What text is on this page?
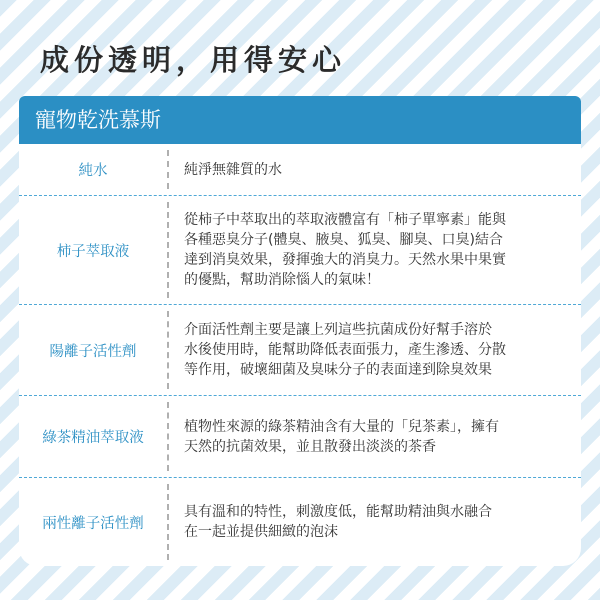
成份透明，用得安心
寵物乾洗慕斯
純水	純淨無雜質的水
柿子萃取液
從柿子中萃取出的萃取液體富有「柿子單寧素」能與
各種惡臭分子(體臭、腋臭、狐臭、腳臭、口臭)結合
達到消臭效果，發揮強大的消臭力。天然水果中果實
的優點，幫助消除惱人的氣味！
陽離子活性劑
介面活性劑主要是讓上列這些抗菌成份好幫手溶於
水後使用時，能幫助降低表面張力，產生滲透、分散
等作用，破壞細菌及臭味分子的表面達到除臭效果
綠茶精油萃取液
植物性來源的綠茶精油含有大量的「兒茶素」，擁有
天然的抗菌效果，並且散發出淡淡的茶香
兩性離子活性劑
具有溫和的特性，刺激度低，能幫助精油與水融合
在一起並提供細緻的泡沫
